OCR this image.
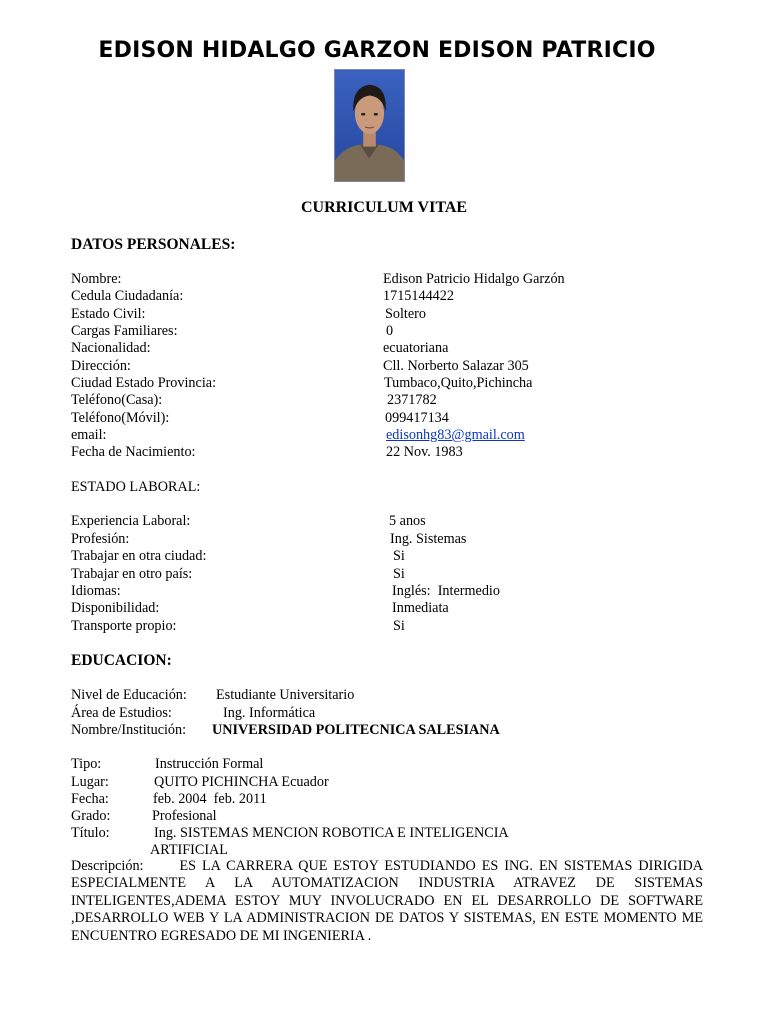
EDISON HIDALGO GARZON EDISON PATRICIO
CURRICULUM VITAE
DATOS PERSONALES:
Nombre:	Edison Patricio Hidalgo Garzón
Cedula Ciudadanía:	1715144422
Estado Civil:	Soltero
Cargas Familiares:	0
Nacionalidad:	ecuatoriana
Dirección:	Cll. Norberto Salazar 305
Ciudad Estado Provincia:	Tumbaco,Quito,Pichincha
Teléfono(Casa):	2371782
Teléfono(Móvil):	099417134
email:	edisonhg83@gmail.com
Fecha de Nacimiento:	22 Nov. 1983
ESTADO LABORAL:
Experiencia Laboral:	5 anos
Profesión:	Ing. Sistemas
Trabajar en otra ciudad:	Si
Trabajar en otro país:	Si
Idiomas:	Inglés:  Intermedio
Disponibilidad:	Inmediata
Transporte propio:	Si
EDUCACION:
Nivel de Educación: Estudiante Universitario
Área de Estudios:	Ing. Informática
Nombre/Institución: UNIVERSIDAD POLITECNICA SALESIANA
Tipo:	Instrucción Formal
Lugar:	QUITO PICHINCHA Ecuador
Fecha:	feb. 2004  feb. 2011
Grado:	Profesional
Título:	Ing. SISTEMAS MENCION ROBOTICA E INTELIGENCIA
ARTIFICIAL
Descripción:	ES LA CARRERA QUE ESTOY ESTUDIANDO ES ING. EN SISTEMAS DIRIGIDA ESPECIALMENTE A LA AUTOMATIZACION INDUSTRIA ATRAVEZ DE SISTEMAS INTELIGENTES,ADEMA ESTOY MUY INVOLUCRADO EN EL DESARROLLO DE SOFTWARE ,DESARROLLO WEB Y LA ADMINISTRACION DE DATOS Y SISTEMAS, EN ESTE MOMENTO ME ENCUENTRO EGRESADO DE MI INGENIERIA .
